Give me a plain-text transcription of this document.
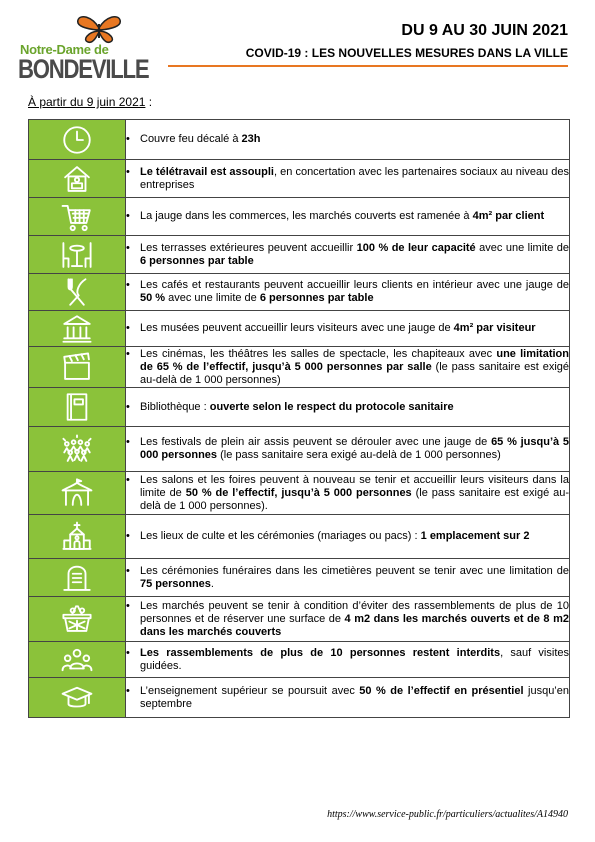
Notre-Dame de
BONDEVILLE
DU 9 AU 30 JUIN 2021
COVID-19 : LES NOUVELLES MESURES DANS LA VILLE
À partir du 9 juin 2021 :

• Couvre feu décalé à 23h

• Le télétravail est assoupli, en concertation avec les partenaires sociaux au niveau des entreprises

• La jauge dans les commerces, les marchés couverts est ramenée à 4m² par client

• Les terrasses extérieures peuvent accueillir 100 % de leur capacité avec une limite de 6 personnes par table

• Les cafés et restaurants peuvent accueillir leurs clients en intérieur avec une jauge de 50 % avec une limite de 6 personnes par table

• Les musées peuvent accueillir leurs visiteurs avec une jauge de 4m² par visiteur

• Les cinémas, les théâtres les salles de spectacle, les chapiteaux avec une limitation de 65 % de l’effectif, jusqu’à 5 000 personnes par salle (le pass sanitaire est exigé au-delà de 1 000 personnes)

• Bibliothèque : ouverte selon le respect du protocole sanitaire

• Les festivals de plein air assis peuvent se dérouler avec une jauge de 65 % jusqu’à 5 000 personnes (le pass sanitaire sera exigé au-delà de 1 000 personnes)

• Les salons et les foires peuvent à nouveau se tenir et accueillir leurs visiteurs dans la limite de 50 % de l’effectif, jusqu’à 5 000 personnes (le pass sanitaire est exigé au-delà de 1 000 personnes).

• Les lieux de culte et les cérémonies (mariages ou pacs) : 1 emplacement sur 2

• Les cérémonies funéraires dans les cimetières peuvent se tenir avec une limitation de 75 personnes.

• Les marchés peuvent se tenir à condition d’éviter des rassemblements de plus de 10 personnes et de réserver une surface de 4 m2 dans les marchés ouverts et de 8 m2 dans les marchés couverts

• Les rassemblements de plus de 10 personnes restent interdits, sauf visites guidées.

• L’enseignement supérieur se poursuit avec 50 % de l’effectif en présentiel jusqu’en septembre
https://www.service-public.fr/particuliers/actualites/A14940
